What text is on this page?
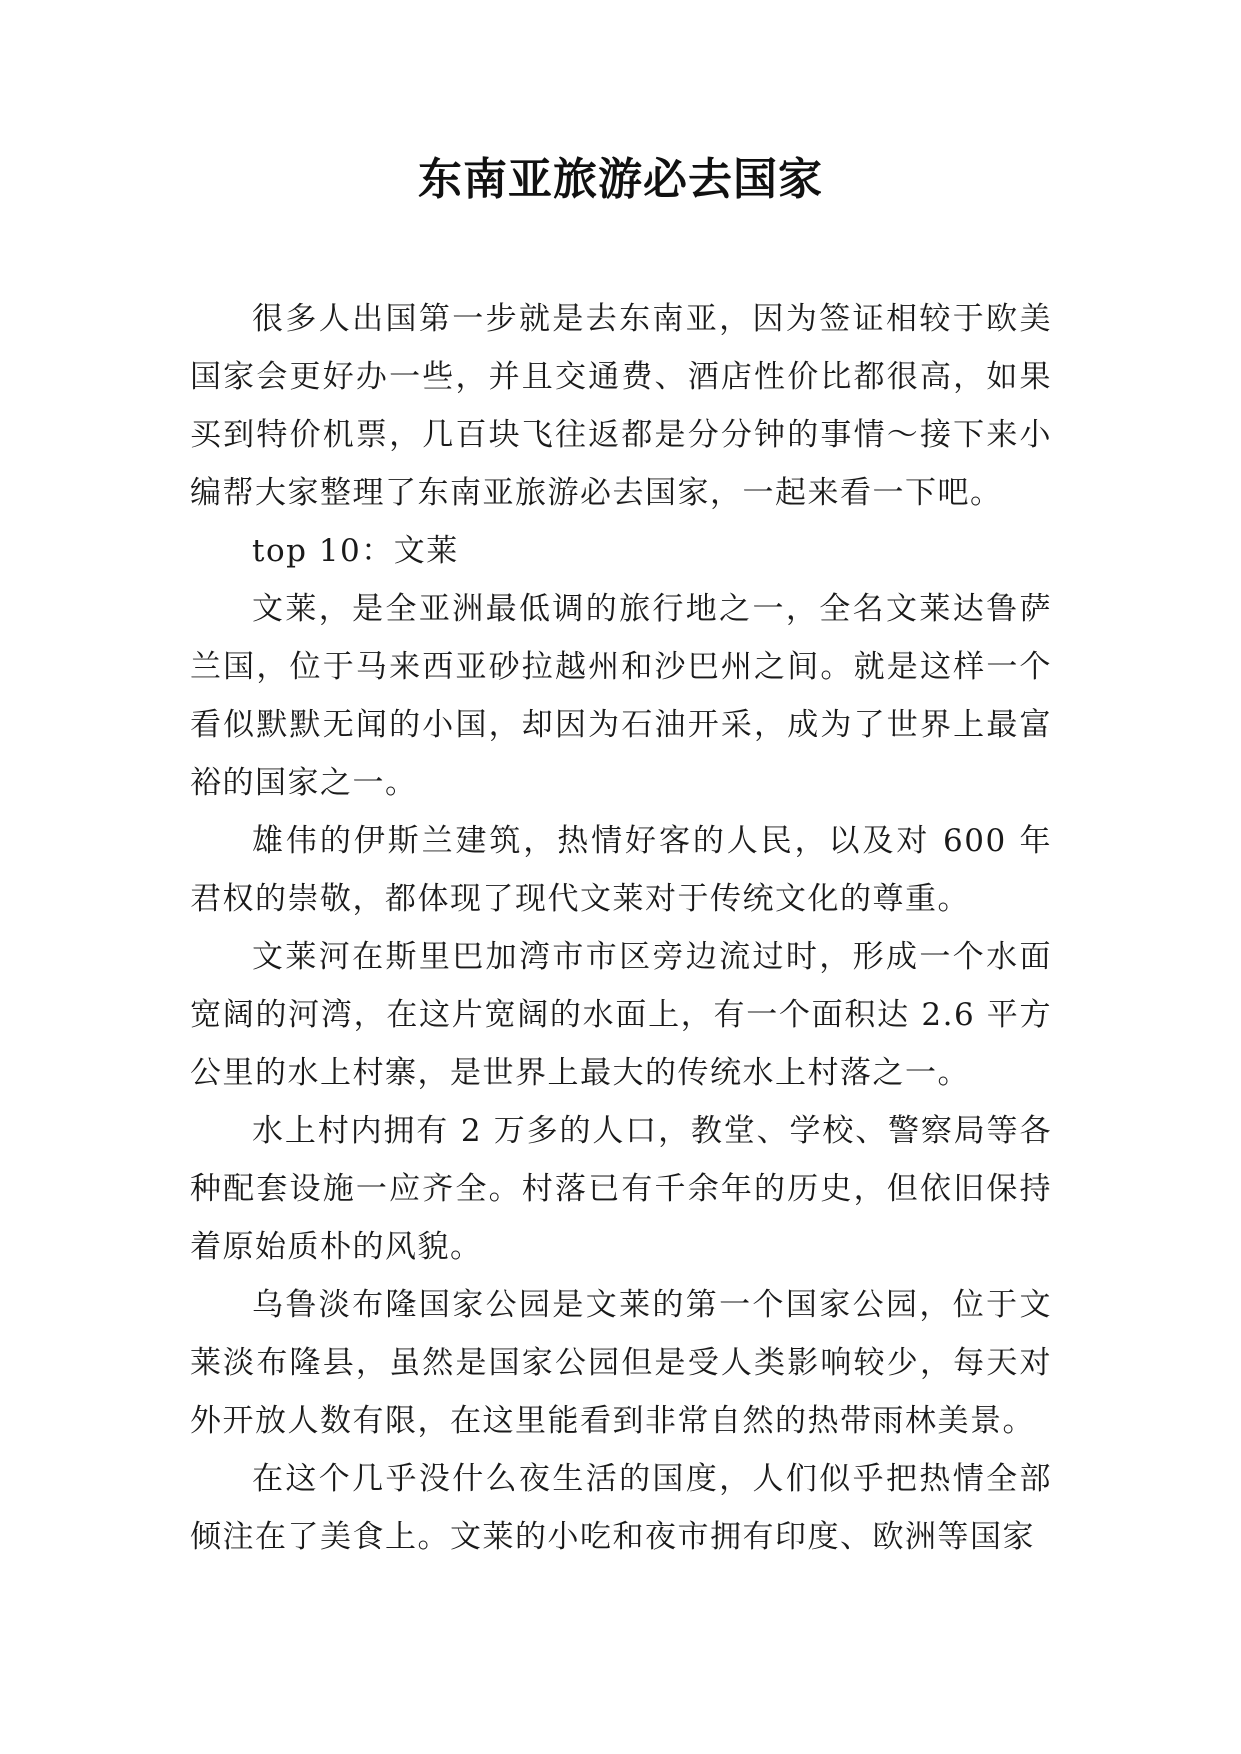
东南亚旅游必去国家

很多人出国第一步就是去东南亚，因为签证相较于欧美国家会更好办一些，并且交通费、酒店性价比都很高，如果买到特价机票，几百块飞往返都是分分钟的事情～接下来小编帮大家整理了东南亚旅游必去国家，一起来看一下吧。

top 10：文莱

文莱，是全亚洲最低调的旅行地之一，全名文莱达鲁萨兰国，位于马来西亚砂拉越州和沙巴州之间。就是这样一个看似默默无闻的小国，却因为石油开采，成为了世界上最富裕的国家之一。

雄伟的伊斯兰建筑，热情好客的人民，以及对 600 年君权的崇敬，都体现了现代文莱对于传统文化的尊重。

文莱河在斯里巴加湾市市区旁边流过时，形成一个水面宽阔的河湾，在这片宽阔的水面上，有一个面积达 2.6 平方公里的水上村寨，是世界上最大的传统水上村落之一。

水上村内拥有 2 万多的人口，教堂、学校、警察局等各种配套设施一应齐全。村落已有千余年的历史，但依旧保持着原始质朴的风貌。

乌鲁淡布隆国家公园是文莱的第一个国家公园，位于文莱淡布隆县，虽然是国家公园但是受人类影响较少，每天对外开放人数有限，在这里能看到非常自然的热带雨林美景。

在这个几乎没什么夜生活的国度，人们似乎把热情全部倾注在了美食上。文莱的小吃和夜市拥有印度、欧洲等国家
